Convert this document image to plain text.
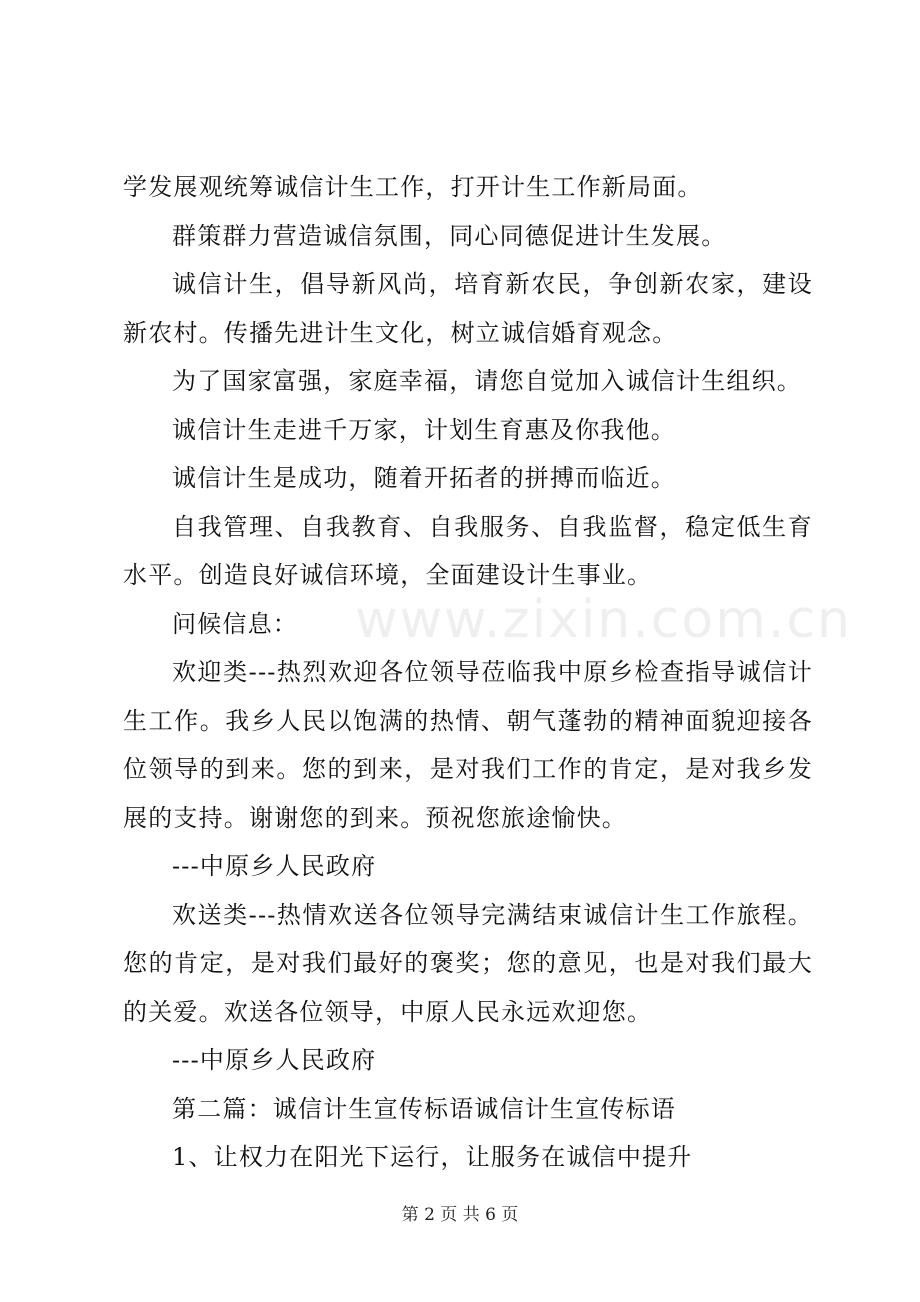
www.zixin.com.cn

学发展观统筹诚信计生工作，打开计生工作新局面。

群策群力营造诚信氛围，同心同德促进计生发展。

诚信计生，倡导新风尚，培育新农民，争创新农家，建设新农村。传播先进计生文化，树立诚信婚育观念。

为了国家富强，家庭幸福，请您自觉加入诚信计生组织。

诚信计生走进千万家，计划生育惠及你我他。

诚信计生是成功，随着开拓者的拼搏而临近。

自我管理、自我教育、自我服务、自我监督，稳定低生育水平。创造良好诚信环境，全面建设计生事业。

问候信息：

欢迎类---热烈欢迎各位领导莅临我中原乡检查指导诚信计生工作。我乡人民以饱满的热情、朝气蓬勃的精神面貌迎接各位领导的到来。您的到来，是对我们工作的肯定，是对我乡发展的支持。谢谢您的到来。预祝您旅途愉快。

---中原乡人民政府

欢送类---热情欢送各位领导完满结束诚信计生工作旅程。您的肯定，是对我们最好的褒奖；您的意见，也是对我们最大的关爱。欢送各位领导，中原人民永远欢迎您。

---中原乡人民政府

第二篇：诚信计生宣传标语诚信计生宣传标语

1、让权力在阳光下运行，让服务在诚信中提升

第 2 页 共 6 页
